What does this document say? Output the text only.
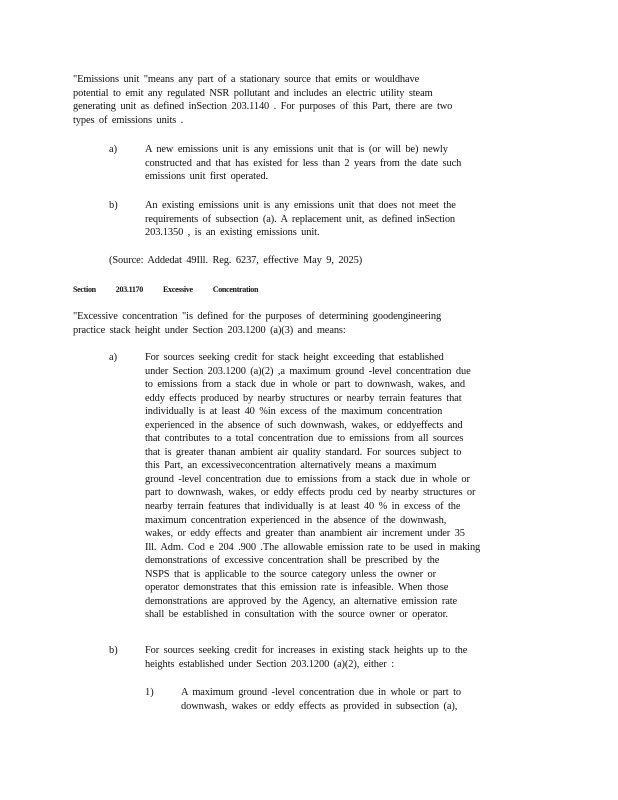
"Emissions unit "means any part of a stationary source that emits or wouldhave
potential to emit any regulated NSR pollutant and includes an electric utility steam
generating unit as defined inSection 203.1140 . For purposes of this Part, there are two
types of emissions units .
a)	A new emissions unit is any emissions unit that is (or will be) newly
constructed and that has existed for less than 2 years from the date such
emissions unit first operated.
b)	An existing emissions unit is any emissions unit that does not meet the
requirements of subsection (a). A replacement unit, as defined inSection
203.1350 , is an existing emissions unit.
(Source: Addedat 49Ill. Reg. 6237, effective May 9, 2025)
Section	203.1170	Excessive	Concentration
"Excessive concentration "is defined for the purposes of determining goodengineering
practice stack height under Section 203.1200 (a)(3) and means:
a)	For sources seeking credit for stack height exceeding that established
under Section 203.1200 (a)(2) ,a maximum ground -level concentration due
to emissions from a stack due in whole or part to downwash, wakes, and
eddy effects produced by nearby structures or nearby terrain features that
individually is at least 40 %in excess of the maximum concentration
experienced in the absence of such downwash, wakes, or eddyeffects and
that contributes to a total concentration due to emissions from all sources
that is greater thanan ambient air quality standard. For sources subject to
this Part, an excessiveconcentration alternatively means a maximum
ground -level concentration due to emissions from a stack due in whole or
part to downwash, wakes, or eddy effects produ ced by nearby structures or
nearby terrain features that individually is at least 40 % in excess of the
maximum concentration experienced in the absence of the downwash,
wakes, or eddy effects and greater than anambient air increment under 35
Ill. Adm. Cod e 204 .900 .The allowable emission rate to be used in making
demonstrations of excessive concentration shall be prescribed by the
NSPS that is applicable to the source category unless the owner or
operator demonstrates that this emission rate is infeasible. When those
demonstrations are approved by the Agency, an alternative emission rate
shall be established in consultation with the source owner or operator.
b)	For sources seeking credit for increases in existing stack heights up to the
heights established under Section 203.1200 (a)(2), either :
1)	A maximum ground -level concentration due in whole or part to
downwash, wakes or eddy effects as provided in subsection (a),
